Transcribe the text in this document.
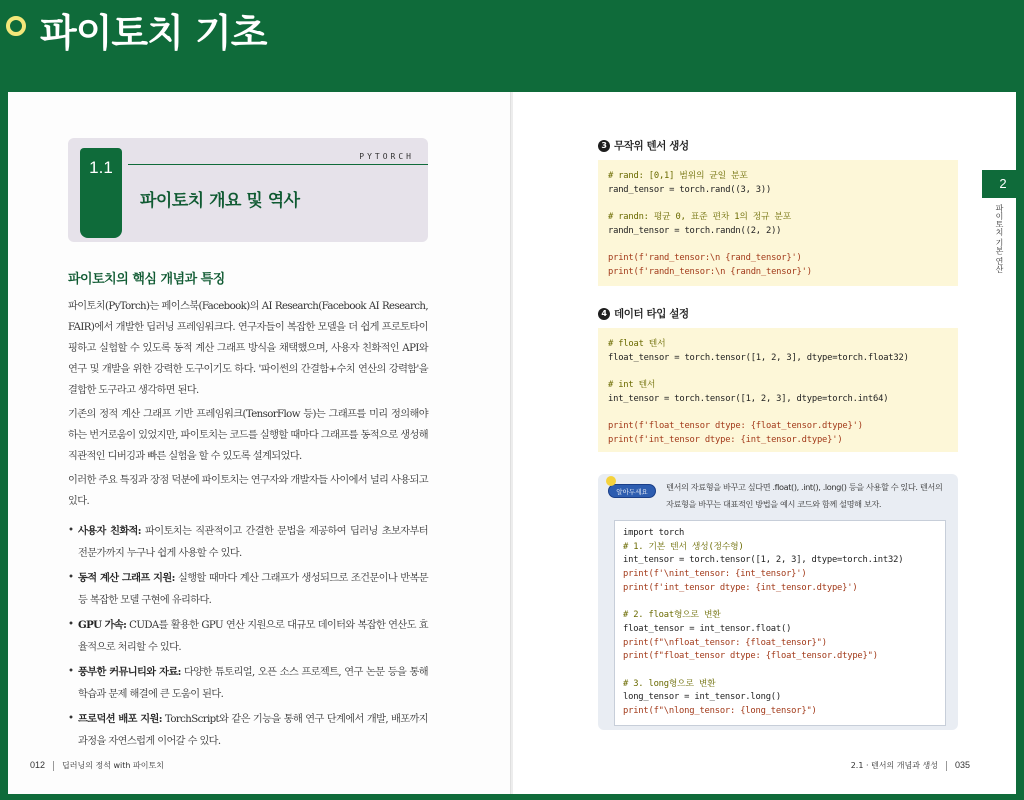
파이토치 기초
1.1
PYTORCH
파이토치 개요 및 역사
파이토치의 핵심 개념과 특징

파이토치(PyTorch)는 페이스북(Facebook)의 AI Research(Facebook AI Research, FAIR)에서 개발한 딥러닝 프레임워크다. 연구자들이 복잡한 모델을 더 쉽게 프로토타이핑하고 실험할 수 있도록 동적 계산 그래프 방식을 채택했으며, 사용자 친화적인 API와 연구 및 개발을 위한 강력한 도구이기도 하다. '파이썬의 간결함+수치 연산의 강력함'을 결합한 도구라고 생각하면 된다.

기존의 정적 계산 그래프 기반 프레임워크(TensorFlow 등)는 그래프를 미리 정의해야 하는 번거로움이 있었지만, 파이토치는 코드를 실행할 때마다 그래프를 동적으로 생성해 직관적인 디버깅과 빠른 실험을 할 수 있도록 설계되었다.

이러한 주요 특징과 장점 덕분에 파이토치는 연구자와 개발자들 사이에서 널리 사용되고 있다.

• 사용자 친화적: 파이토치는 직관적이고 간결한 문법을 제공하여 딥러닝 초보자부터 전문가까지 누구나 쉽게 사용할 수 있다.
• 동적 계산 그래프 지원: 실행할 때마다 계산 그래프가 생성되므로 조건문이나 반복문 등 복잡한 모델 구현에 유리하다.
• GPU 가속: CUDA를 활용한 GPU 연산 지원으로 대규모 데이터와 복잡한 연산도 효율적으로 처리할 수 있다.
• 풍부한 커뮤니티와 자료: 다양한 튜토리얼, 오픈 소스 프로젝트, 연구 논문 등을 통해 학습과 문제 해결에 큰 도움이 된다.
• 프로덕션 배포 지원: TorchScript와 같은 기능을 통해 연구 단계에서 개발, 배포까지 과정을 자연스럽게 이어갈 수 있다.
012 딥러닝의 정석 with 파이토치
3 무작위 텐서 생성
# rand: [0,1] 범위의 균일 분포
rand_tensor = torch.rand((3, 3))

# randn: 평균 0, 표준 편차 1의 정규 분포
randn_tensor = torch.randn((2, 2))

print(f'rand_tensor:\n {rand_tensor}')
print(f'randn_tensor:\n {randn_tensor}')
4 데이터 타입 설정
# float 텐서
float_tensor = torch.tensor([1, 2, 3], dtype=torch.float32)

# int 텐서
int_tensor = torch.tensor([1, 2, 3], dtype=torch.int64)

print(f'float_tensor dtype: {float_tensor.dtype}')
print(f'int_tensor dtype: {int_tensor.dtype}')
알아두세요	텐서의 자료형을 바꾸고 싶다면 .float(), .int(), .long() 등을 사용할 수 있다. 텐서의 자료형을 바꾸는 대표적인 방법을 예시 코드와 함께 설명해 보자.
import torch
# 1. 기본 텐서 생성(정수형)
int_tensor = torch.tensor([1, 2, 3], dtype=torch.int32)
print(f'\nint_tensor: {int_tensor}')
print(f'int_tensor dtype: {int_tensor.dtype}')

# 2. float형으로 변환
float_tensor = int_tensor.float()
print(f"\nfloat_tensor: {float_tensor}")
print(f"float_tensor dtype: {float_tensor.dtype}")

# 3. long형으로 변환
long_tensor = int_tensor.long()
print(f"\nlong_tensor: {long_tensor}")
2.1 · 텐서의 개념과 생성 035
2
파이토치 기본 연산
